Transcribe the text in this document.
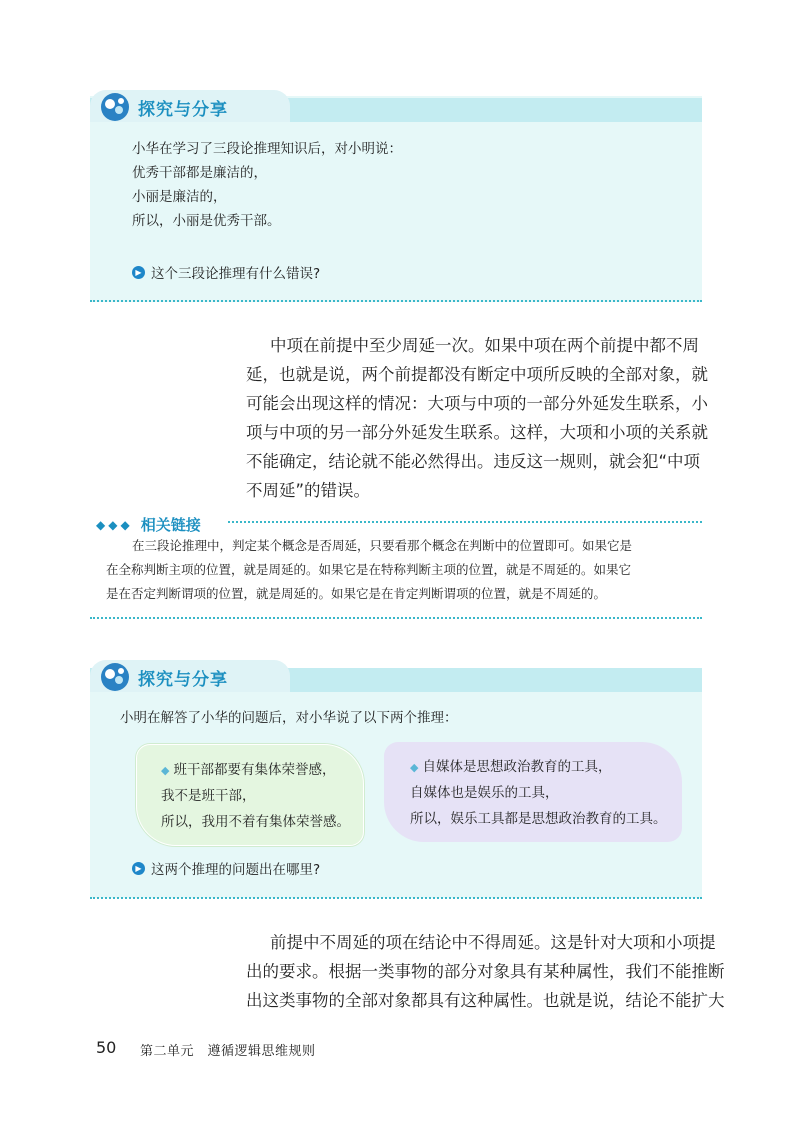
探究与分享
小华在学习了三段论推理知识后，对小明说：
优秀干部都是廉洁的，
小丽是廉洁的，
所以，小丽是优秀干部。
▶ 这个三段论推理有什么错误?
中项在前提中至少周延一次。如果中项在两个前提中都不周
延，也就是说，两个前提都没有断定中项所反映的全部对象，就
可能会出现这样的情况：大项与中项的一部分外延发生联系，小
项与中项的另一部分外延发生联系。这样，大项和小项的关系就
不能确定，结论就不能必然得出。违反这一规则，就会犯“中项
不周延”的错误。
◆ ◆ ◆ 相关链接
在三段论推理中，判定某个概念是否周延，只要看那个概念在判断中的位置即可。如果它是
在全称判断主项的位置，就是周延的。如果它是在特称判断主项的位置，就是不周延的。如果它
是在否定判断谓项的位置，就是周延的。如果它是在肯定判断谓项的位置，就是不周延的。
探究与分享
小明在解答了小华的问题后，对小华说了以下两个推理：
◆ 班干部都要有集体荣誉感，
我不是班干部，
所以，我用不着有集体荣誉感。
◆ 自媒体是思想政治教育的工具，
自媒体也是娱乐的工具，
所以，娱乐工具都是思想政治教育的工具。
▶ 这两个推理的问题出在哪里?
前提中不周延的项在结论中不得周延。这是针对大项和小项提
出的要求。根据一类事物的部分对象具有某种属性，我们不能推断
出这类事物的全部对象都具有这种属性。也就是说，结论不能扩大
50 第二单元　遵循逻辑思维规则
